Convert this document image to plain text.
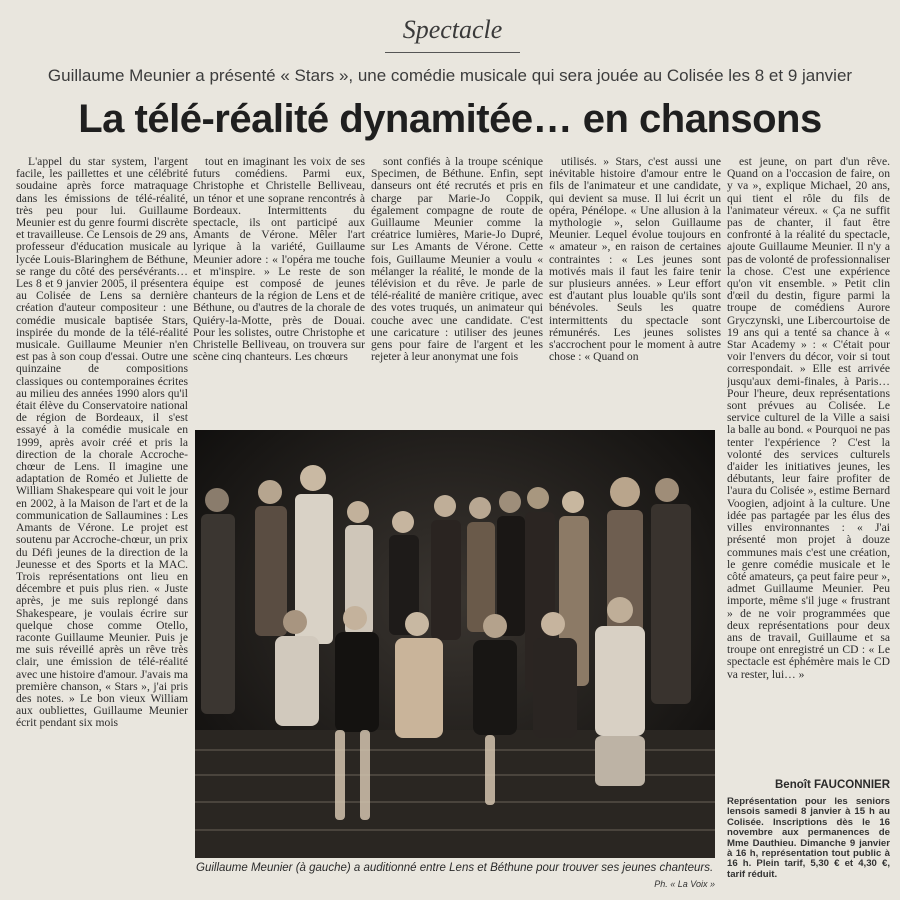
Spectacle
Guillaume Meunier a présenté « Stars », une comédie musicale qui sera jouée au Colisée les 8 et 9 janvier
La télé-réalité dynamitée… en chansons

L'appel du star system, l'argent facile, les paillettes et une célébrité soudaine après force matraquage dans les émissions de télé-réalité, très peu pour lui. Guillaume Meunier est du genre fourmi discrète et travailleuse. Ce Lensois de 29 ans, professeur d'éducation musicale au lycée Louis-Blaringhem de Béthune, se range du côté des persévérants… Les 8 et 9 janvier 2005, il présentera au Colisée de Lens sa dernière création d'auteur compositeur : une comédie musicale baptisée Stars, inspirée du monde de la télé-réalité musicale. Guillaume Meunier n'en est pas à son coup d'essai. Outre une quinzaine de compositions classiques ou contemporaines écrites au milieu des années 1990 alors qu'il était élève du Conservatoire national de région de Bordeaux, il s'est essayé à la comédie musicale en 1999, après avoir créé et pris la direction de la chorale Accroche-chœur de Lens. Il imagine une adaptation de Roméo et Juliette de William Shakespeare qui voit le jour en 2002, à la Maison de l'art et de la communication de Sallaumines : Les Amants de Vérone. Le projet est soutenu par Accroche-chœur, un prix du Défi jeunes de la direction de la Jeunesse et des Sports et la MAC. Trois représentations ont lieu en décembre et puis plus rien. « Juste après, je me suis replongé dans Shakespeare, je voulais écrire sur quelque chose comme Otello, raconte Guillaume Meunier. Puis je me suis réveillé après un rêve très clair, une émission de télé-réalité avec une histoire d'amour. J'avais ma première chanson, « Stars », j'ai pris des notes. » Le bon vieux William aux oubliettes, Guillaume Meunier écrit pendant six mois

tout en imaginant les voix de ses futurs comédiens. Parmi eux, Christophe et Christelle Belliveau, un ténor et une soprane rencontrés à Bordeaux. Intermittents du spectacle, ils ont participé aux Amants de Vérone. Mêler l'art lyrique à la variété, Guillaume Meunier adore : « l'opéra me touche et m'inspire. » Le reste de son équipe est composé de jeunes chanteurs de la région de Lens et de Béthune, ou d'autres de la chorale de Quiéry-la-Motte, près de Douai. Pour les solistes, outre Christophe et Christelle Belliveau, on trouvera sur scène cinq chanteurs. Les chœurs

sont confiés à la troupe scénique Specimen, de Béthune. Enfin, sept danseurs ont été recrutés et pris en charge par Marie-Jo Coppik, également compagne de route de Guillaume Meunier comme la créatrice lumières, Marie-Jo Dupré, sur Les Amants de Vérone. Cette fois, Guillaume Meunier a voulu « mélanger la réalité, le monde de la télévision et du rêve. Je parle de télé-réalité de manière critique, avec des votes truqués, un animateur qui couche avec une candidate. C'est une caricature : utiliser des jeunes gens pour faire de l'argent et les rejeter à leur anonymat une fois

utilisés. » Stars, c'est aussi une inévitable histoire d'amour entre le fils de l'animateur et une candidate, qui devient sa muse. Il lui écrit un opéra, Pénélope. « Une allusion à la mythologie », selon Guillaume Meunier. Lequel évolue toujours en « amateur », en raison de certaines contraintes : « Les jeunes sont motivés mais il faut les faire tenir sur plusieurs années. » Leur effort est d'autant plus louable qu'ils sont bénévoles. Seuls les quatre intermittents du spectacle sont rémunérés. Les jeunes solistes s'accrochent pour le moment à autre chose : « Quand on

est jeune, on part d'un rêve. Quand on a l'occasion de faire, on y va », explique Michael, 20 ans, qui tient el rôle du fils de l'animateur véreux. « Ça ne suffit pas de chanter, il faut être confronté à la réalité du spectacle, ajoute Guillaume Meunier. Il n'y a pas de volonté de professionnaliser la chose. C'est une expérience qu'on vit ensemble. » Petit clin d'œil du destin, figure parmi la troupe de comédiens Aurore Gryczynski, une Libercourtoise de 19 ans qui a tenté sa chance à « Star Academy » : « C'était pour voir l'envers du décor, voir si tout correspondait. » Elle est arrivée jusqu'aux demi-finales, à Paris… Pour l'heure, deux représentations sont prévues au Colisée. Le service culturel de la Ville a saisi la balle au bond. « Pourquoi ne pas tenter l'expérience ? C'est la volonté des services culturels d'aider les initiatives jeunes, les débutants, leur faire profiter de l'aura du Colisée », estime Bernard Voogien, adjoint à la culture. Une idée pas partagée par les élus des villes environnantes : « J'ai présenté mon projet à douze communes mais c'est une création, le genre comédie musicale et le côté amateurs, ça peut faire peur », admet Guillaume Meunier. Peu importe, même s'il juge « frustrant » de ne voir programmées que deux représentations pour deux ans de travail, Guillaume et sa troupe ont enregistré un CD : « Le spectacle est éphémère mais le CD va rester, lui… »

Benoît FAUCONNIER
Représentation pour les seniors lensois samedi 8 janvier à 15 h au Colisée. Inscriptions dès le 16 novembre aux permanences de Mme Dauthieu. Dimanche 9 janvier à 16 h, représentation tout public à 16 h. Plein tarif, 5,30 € et 4,30 €, tarif réduit.
Guillaume Meunier (à gauche) a auditionné entre Lens et Béthune pour trouver ses jeunes chanteurs.
Ph. « La Voix »
